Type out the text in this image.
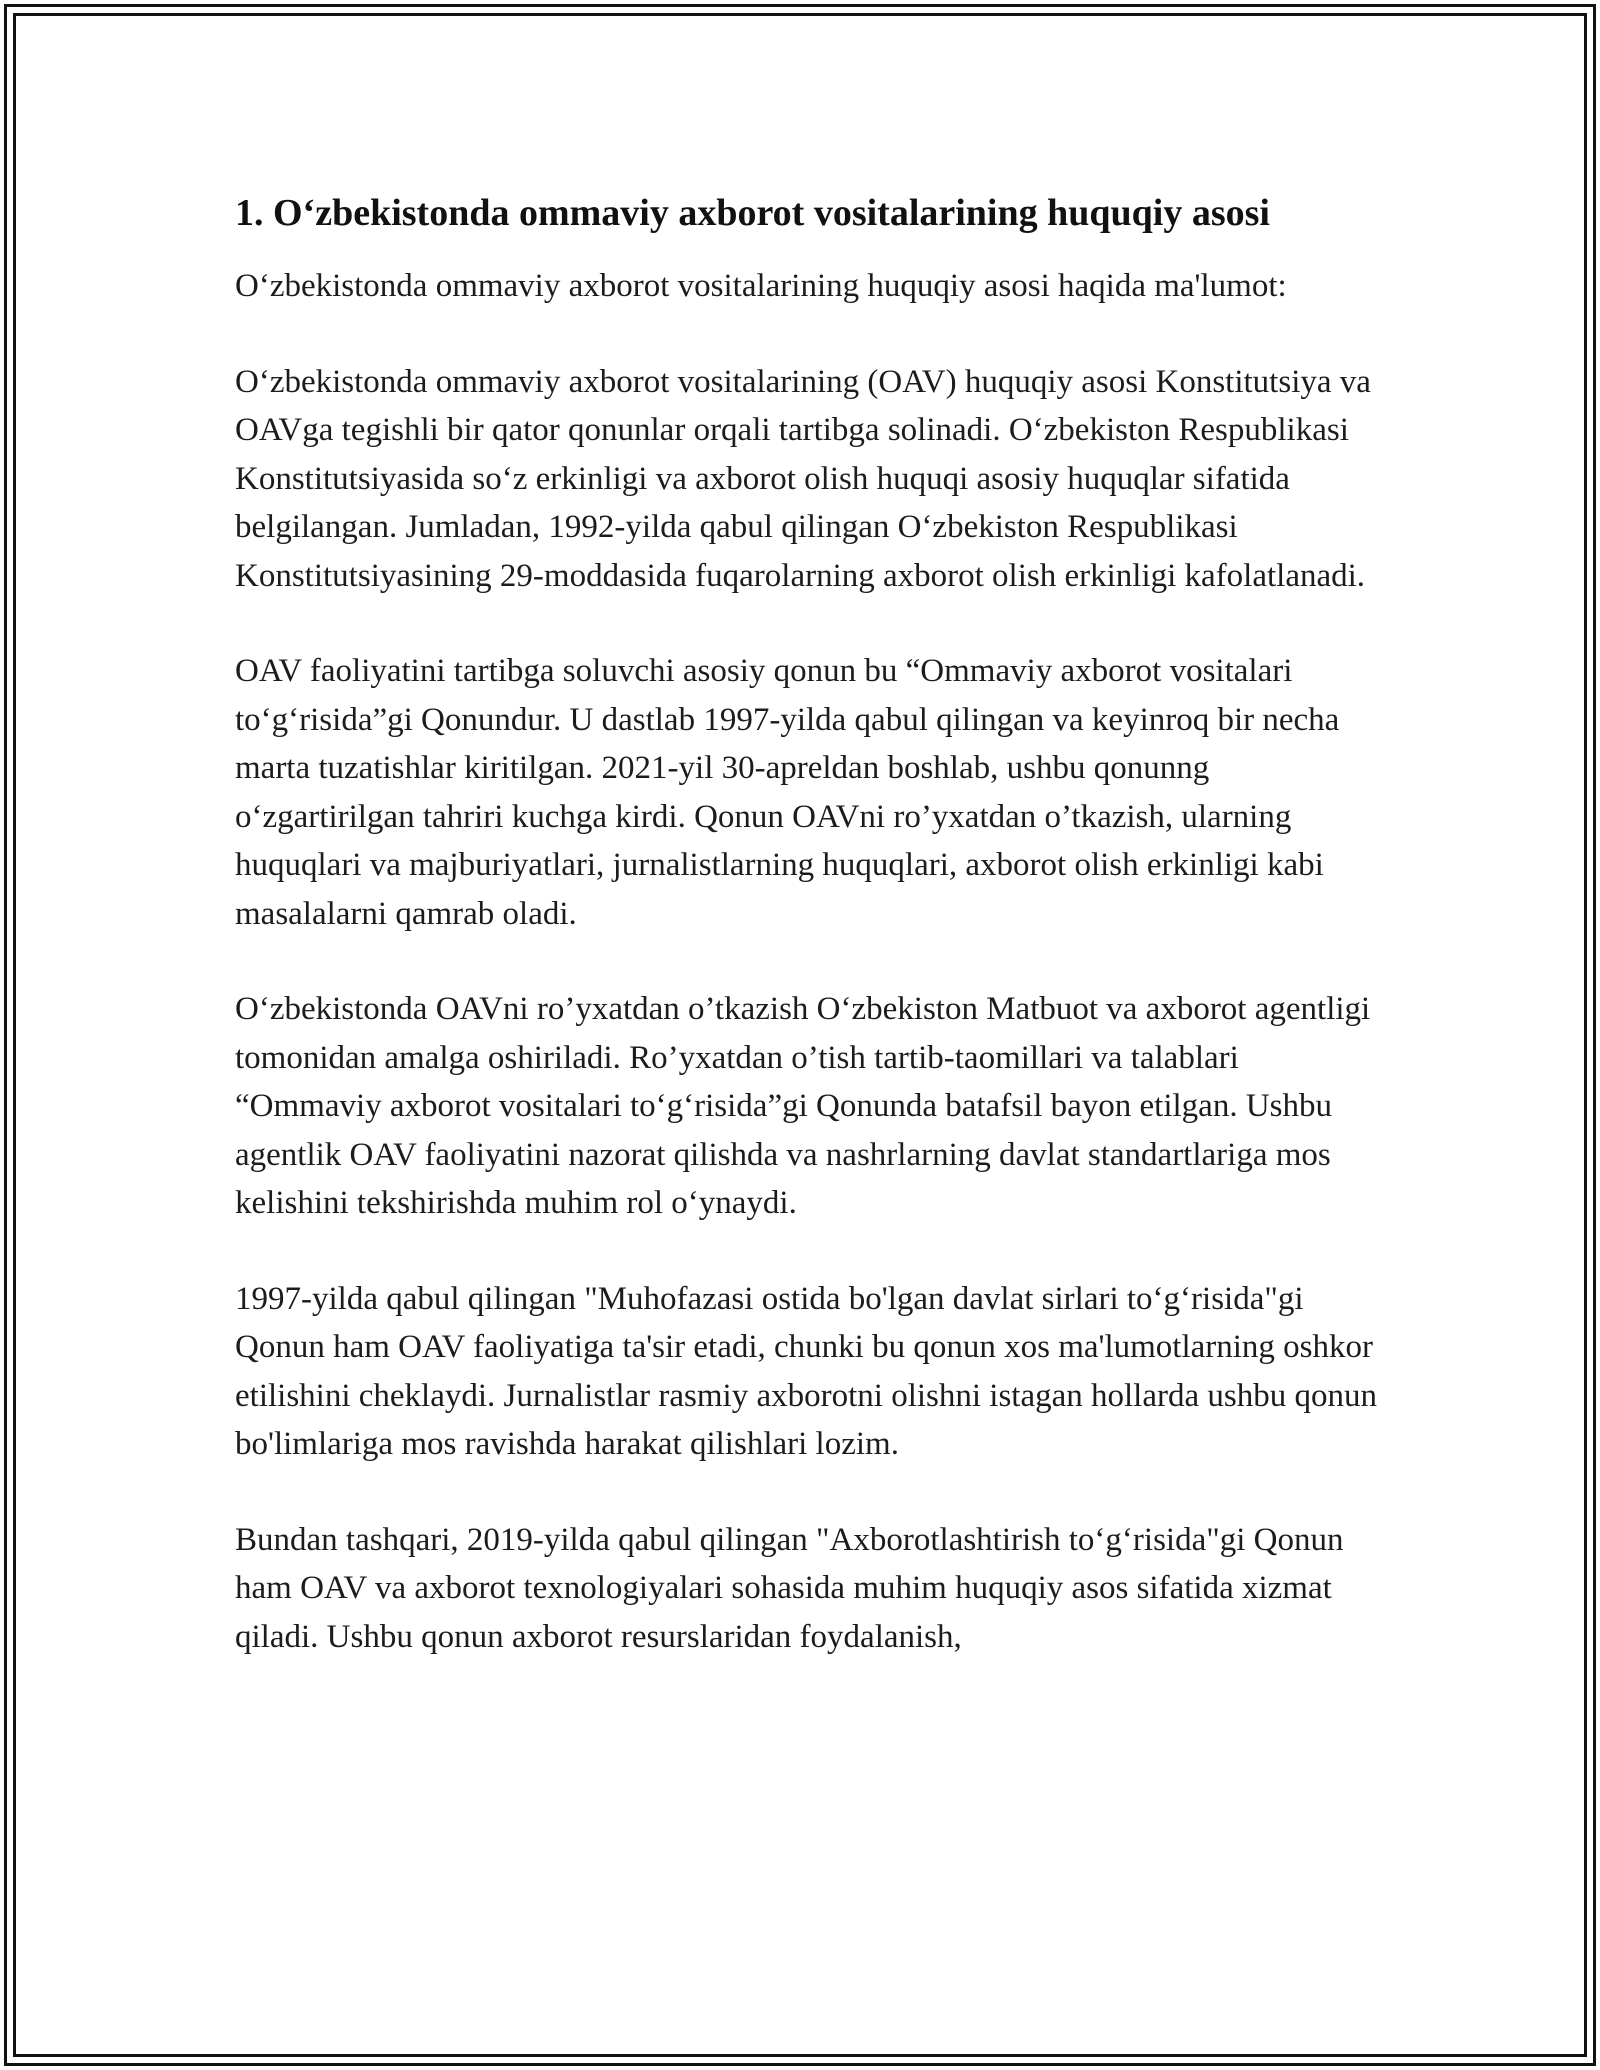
1. O‘zbekistonda ommaviy axborot vositalarining huquqiy asosi

O‘zbekistonda ommaviy axborot vositalarining huquqiy asosi haqida ma'lumot:

O‘zbekistonda ommaviy axborot vositalarining (OAV) huquqiy asosi Konstitutsiya va OAVga tegishli bir qator qonunlar orqali tartibga solinadi. O‘zbekiston Respublikasi Konstitutsiyasida so‘z erkinligi va axborot olish huquqi asosiy huquqlar sifatida belgilangan. Jumladan, 1992-yilda qabul qilingan O‘zbekiston Respublikasi Konstitutsiyasining 29-moddasida fuqarolarning axborot olish erkinligi kafolatlanadi.

OAV faoliyatini tartibga soluvchi asosiy qonun bu “Ommaviy axborot vositalari to‘g‘risida”gi Qonundur. U dastlab 1997-yilda qabul qilingan va keyinroq bir necha marta tuzatishlar kiritilgan. 2021-yil 30-apreldan boshlab, ushbu qonunng o‘zgartirilgan tahriri kuchga kirdi. Qonun OAVni ro’yxatdan o’tkazish, ularning huquqlari va majburiyatlari, jurnalistlarning huquqlari, axborot olish erkinligi kabi masalalarni qamrab oladi.

O‘zbekistonda OAVni ro’yxatdan o’tkazish O‘zbekiston Matbuot va axborot agentligi tomonidan amalga oshiriladi. Ro’yxatdan o’tish tartib-taomillari va talablari “Ommaviy axborot vositalari to‘g‘risida”gi Qonunda batafsil bayon etilgan. Ushbu agentlik OAV faoliyatini nazorat qilishda va nashrlarning davlat standartlariga mos kelishini tekshirishda muhim rol o‘ynaydi.

1997-yilda qabul qilingan "Muhofazasi ostida bo'lgan davlat sirlari to‘g‘risida"gi Qonun ham OAV faoliyatiga ta'sir etadi, chunki bu qonun xos ma'lumotlarning oshkor etilishini cheklaydi. Jurnalistlar rasmiy axborotni olishni istagan hollarda ushbu qonun bo'limlariga mos ravishda harakat qilishlari lozim.

Bundan tashqari, 2019-yilda qabul qilingan "Axborotlashtirish to‘g‘risida"gi Qonun ham OAV va axborot texnologiyalari sohasida muhim huquqiy asos sifatida xizmat qiladi. Ushbu qonun axborot resurslaridan foydalanish,
